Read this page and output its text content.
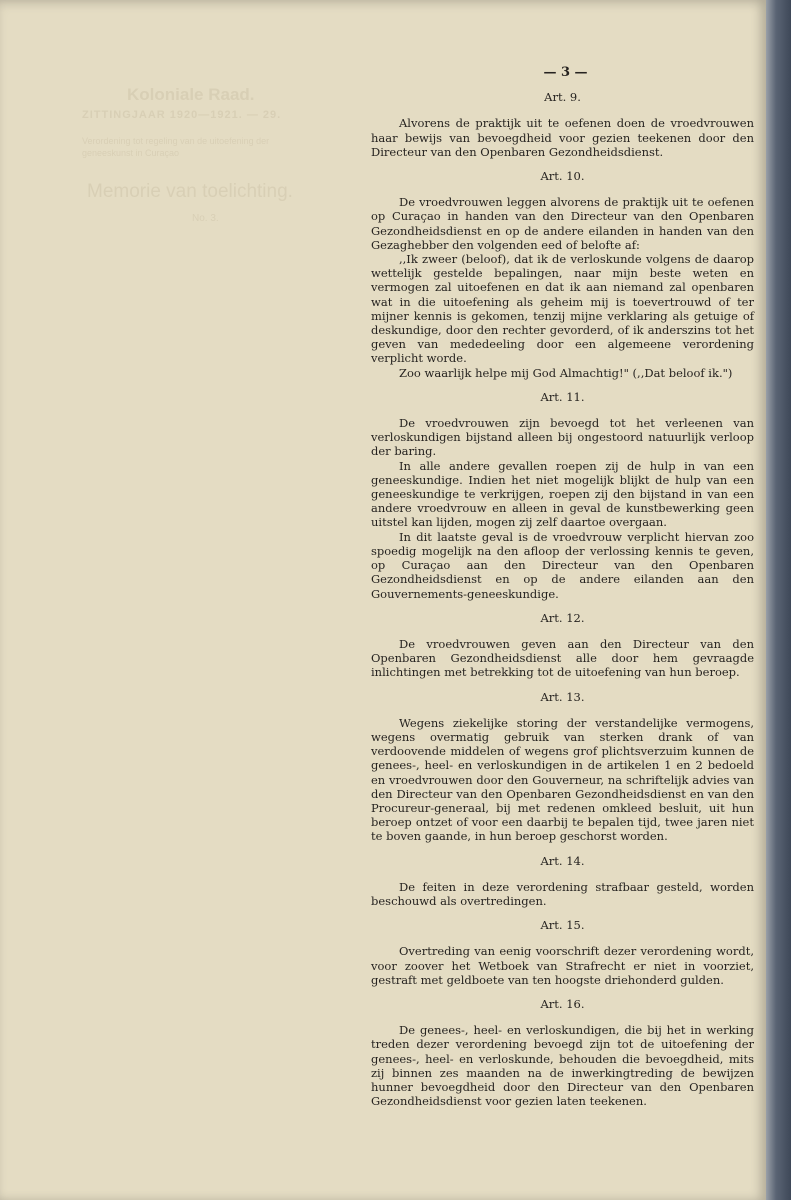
Koloniale Raad.
ZITTINGJAAR 1920—1921. — 29.
Verordening tot regeling van de uitoefening der geneeskunst in Curaçao
Memorie van toelichting.
No. 3.
— 3 —
Art. 9.

Alvorens de praktijk uit te oefenen doen de vroedvrouwen haar bewijs van bevoegdheid voor gezien teekenen door den Directeur van den Openbaren Gezondheidsdienst.

Art. 10.

De vroedvrouwen leggen alvorens de praktijk uit te oefenen op Curaçao in handen van den Directeur van den Openbaren Gezondheidsdienst en op de andere eilanden in handen van den Gezaghebber den volgenden eed of belofte af:

,,Ik zweer (beloof), dat ik de verloskunde volgens de daarop wettelijk gestelde bepalingen, naar mijn beste weten en vermogen zal uitoefenen en dat ik aan niemand zal openbaren wat in die uitoefening als geheim mij is toevertrouwd of ter mijner kennis is gekomen, tenzij mijne verklaring als getuige of deskundige, door den rechter gevorderd, of ik anderszins tot het geven van mededeeling door een algemeene verordening verplicht worde.

Zoo waarlijk helpe mij God Almachtig!" (,,Dat beloof ik.")

Art. 11.

De vroedvrouwen zijn bevoegd tot het verleenen van verloskundigen bijstand alleen bij ongestoord natuurlijk verloop der baring.

In alle andere gevallen roepen zij de hulp in van een geneeskundige. Indien het niet mogelijk blijkt de hulp van een geneeskundige te verkrijgen, roepen zij den bijstand in van een andere vroedvrouw en alleen in geval de kunstbewerking geen uitstel kan lijden, mogen zij zelf daartoe overgaan.

In dit laatste geval is de vroedvrouw verplicht hiervan zoo spoedig mogelijk na den afloop der verlossing kennis te geven, op Curaçao aan den Directeur van den Openbaren Gezondheidsdienst en op de andere eilanden aan den Gouvernements-geneeskundige.

Art. 12.

De vroedvrouwen geven aan den Directeur van den Openbaren Gezondheidsdienst alle door hem gevraagde inlichtingen met betrekking tot de uitoefening van hun beroep.

Art. 13.

Wegens ziekelijke storing der verstandelijke vermogens, wegens overmatig gebruik van sterken drank of van verdoovende middelen of wegens grof plichtsverzuim kunnen de genees-, heel- en verloskundigen in de artikelen 1 en 2 bedoeld en vroedvrouwen door den Gouverneur, na schriftelijk advies van den Directeur van den Openbaren Gezondheidsdienst en van den Procureur-generaal, bij met redenen omkleed besluit, uit hun beroep ontzet of voor een daarbij te bepalen tijd, twee jaren niet te boven gaande, in hun beroep geschorst worden.

Art. 14.

De feiten in deze verordening strafbaar gesteld, worden beschouwd als overtredingen.

Art. 15.

Overtreding van eenig voorschrift dezer verordening wordt, voor zoover het Wetboek van Strafrecht er niet in voorziet, gestraft met geldboete van ten hoogste driehonderd gulden.

Art. 16.

De genees-, heel- en verloskundigen, die bij het in werking treden dezer verordening bevoegd zijn tot de uitoefening der genees-, heel- en verloskunde, behouden die bevoegdheid, mits zij binnen zes maanden na de inwerkingtreding de bewijzen hunner bevoegdheid door den Directeur van den Openbaren Gezondheidsdienst voor gezien laten teekenen.
